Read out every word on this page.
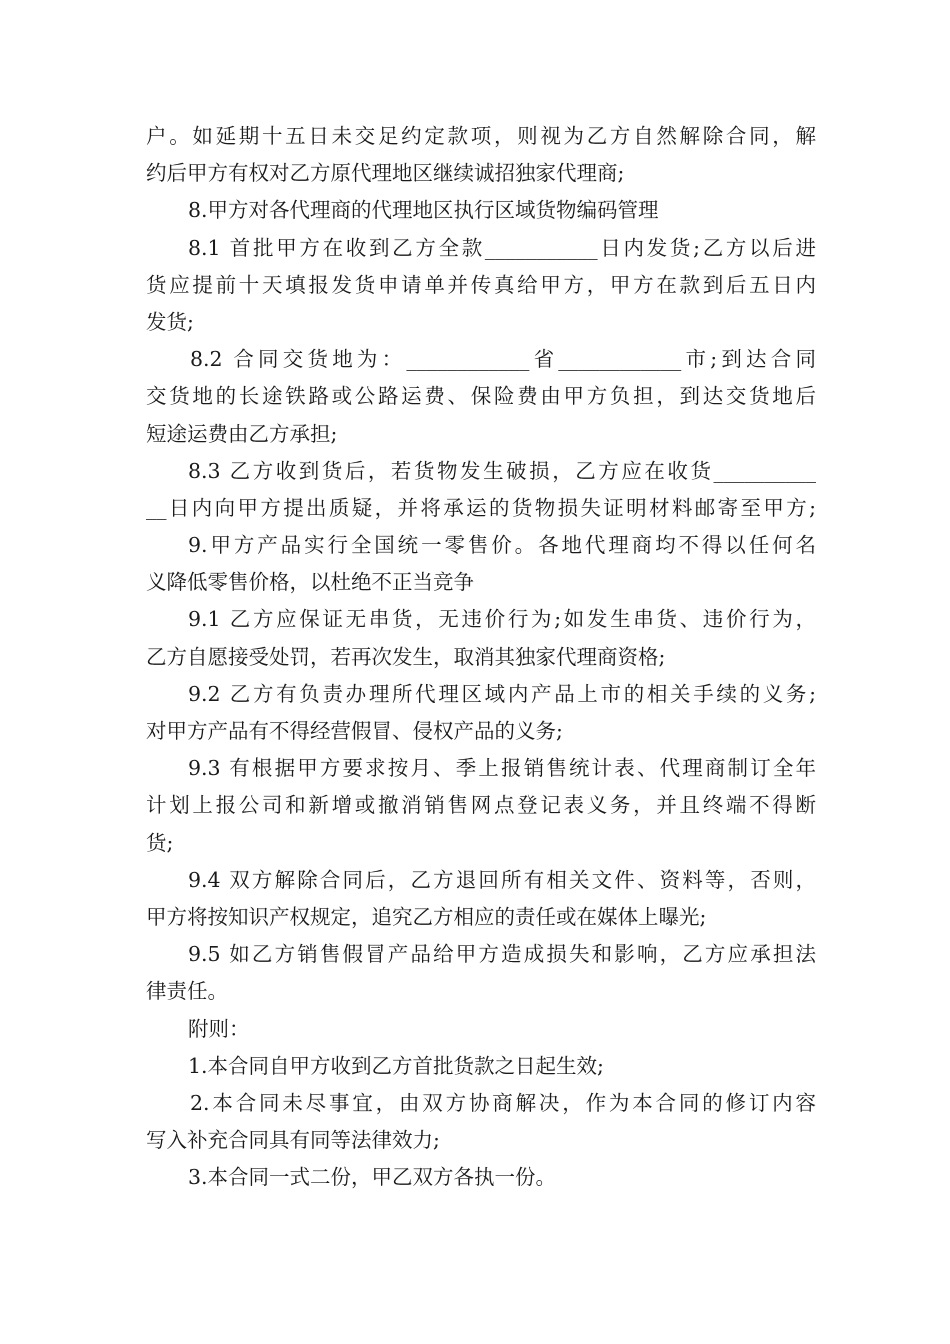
户。如延期十五日未交足约定款项，则视为乙方自然解除合同，解
约后甲方有权对乙方原代理地区继续诚招独家代理商;
8.甲方对各代理商的代理地区执行区域货物编码管理
8.1 首批甲方在收到乙方全款___________日内发货;乙方以后进
货应提前十天填报发货申请单并传真给甲方，甲方在款到后五日内
发货;
8.2 合同交货地为：____________省____________市;到达合同
交货地的长途铁路或公路运费、保险费由甲方负担，到达交货地后
短途运费由乙方承担;
8.3 乙方收到货后，若货物发生破损，乙方应在收货__________
__日内向甲方提出质疑，并将承运的货物损失证明材料邮寄至甲方;
9.甲方产品实行全国统一零售价。各地代理商均不得以任何名
义降低零售价格，以杜绝不正当竞争
9.1 乙方应保证无串货，无违价行为;如发生串货、违价行为，
乙方自愿接受处罚，若再次发生，取消其独家代理商资格;
9.2 乙方有负责办理所代理区域内产品上市的相关手续的义务;
对甲方产品有不得经营假冒、侵权产品的义务;
9.3 有根据甲方要求按月、季上报销售统计表、代理商制订全年
计划上报公司和新增或撤消销售网点登记表义务，并且终端不得断
货;
9.4 双方解除合同后，乙方退回所有相关文件、资料等，否则，
甲方将按知识产权规定，追究乙方相应的责任或在媒体上曝光;
9.5 如乙方销售假冒产品给甲方造成损失和影响，乙方应承担法
律责任。
附则：
1.本合同自甲方收到乙方首批货款之日起生效;
2.本合同未尽事宜，由双方协商解决，作为本合同的修订内容
写入补充合同具有同等法律效力;
3.本合同一式二份，甲乙双方各执一份。
